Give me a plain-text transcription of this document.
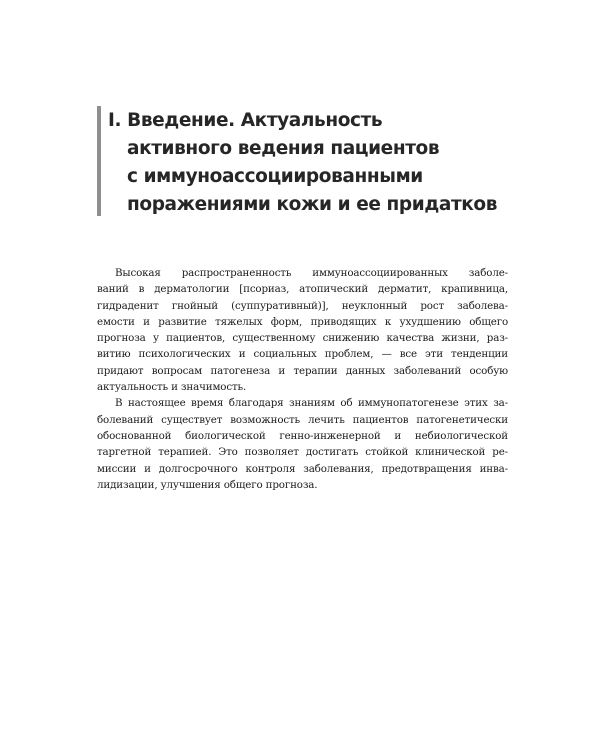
I. Введение. Актуальность
активного ведения пациентов
с иммуноассоциированными
поражениями кожи и ее придатков

Высокая распространенность иммуноассоциированных заболе-
ваний в дерматологии [псориаз, атопический дерматит, крапивница,
гидраденит гнойный (суппуративный)], неуклонный рост заболева-
емости и развитие тяжелых форм, приводящих к ухудшению общего
прогноза у пациентов, существенному снижению качества жизни, раз-
витию психологических и социальных проблем, — все эти тенденции
придают вопросам патогенеза и терапии данных заболеваний особую
актуальность и значимость.

В настоящее время благодаря знаниям об иммунопатогенезе этих за-
болеваний существует возможность лечить пациентов патогенетически
обоснованной биологической генно-инженерной и небиологической
таргетной терапией. Это позволяет достигать стойкой клинической ре-
миссии и долгосрочного контроля заболевания, предотвращения инва-
лидизации, улучшения общего прогноза.
